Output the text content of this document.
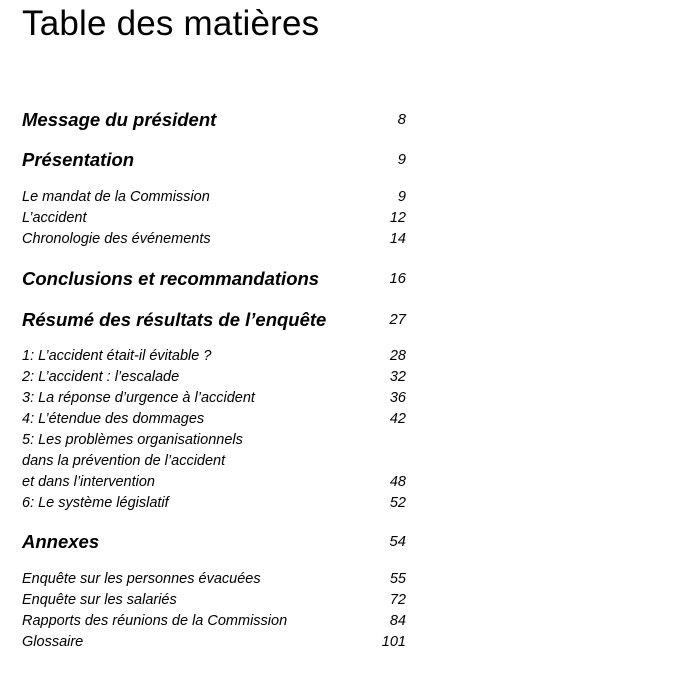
Table des matières
Message du président	8
Présentation	9
Le mandat de la Commission	9
L’accident	12
Chronologie des événements	14
Conclusions et recommandations	16
Résumé des résultats de l’enquête	27
1: L’accident était-il évitable ?	28
2: L’accident : l’escalade	32
3: La réponse d’urgence à l’accident	36
4: L’étendue des dommages	42
5: Les problèmes organisationnels
dans la prévention de l’accident
et dans l’intervention	48
6: Le système législatif	52
Annexes	54
Enquête sur les personnes évacuées	55
Enquête sur les salariés	72
Rapports des réunions de la Commission	84
Glossaire	101
